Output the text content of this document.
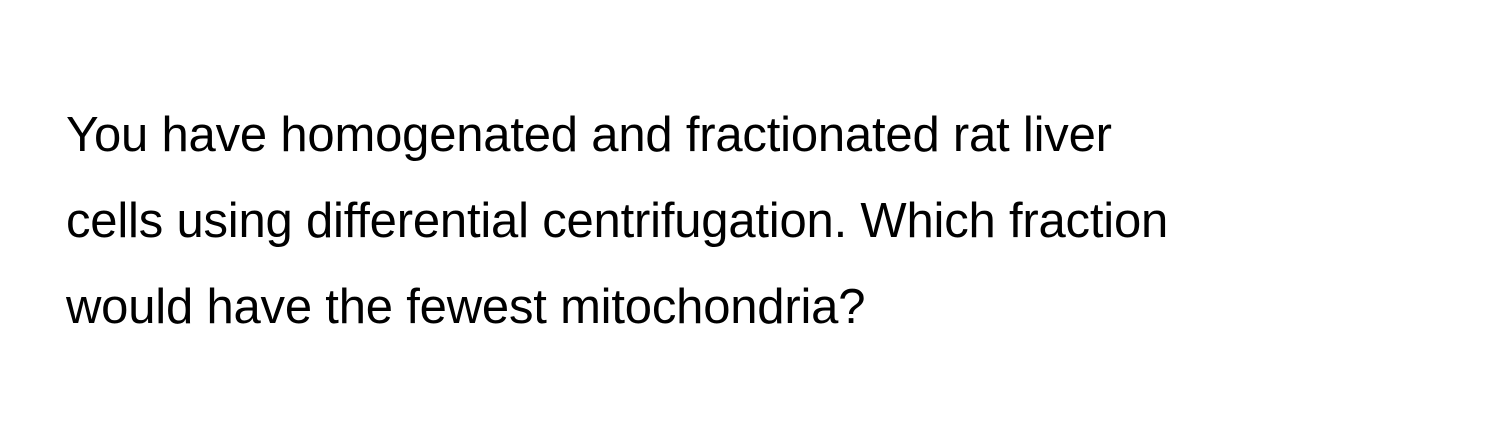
You have homogenated and fractionated rat liver
cells using differential centrifugation. Which fraction
would have the fewest mitochondria?
